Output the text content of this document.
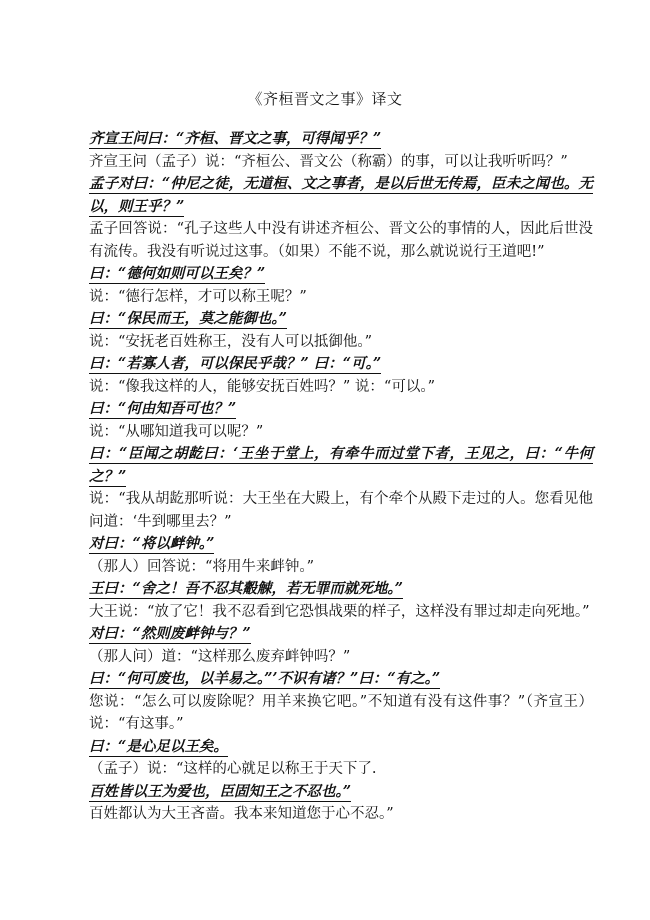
《齐桓晋文之事》译文

齐宣王问曰：“齐桓、晋文之事，可得闻乎？”

齐宣王问（孟子）说：“齐桓公、晋文公（称霸）的事，可以让我听听吗？”

孟子对曰：“仲尼之徒，无道桓、文之事者，是以后世无传焉，臣未之闻也。无以，则王乎？”

孟子回答说：“孔子这些人中没有讲述齐桓公、晋文公的事情的人，因此后世没有流传。我没有听说过这事。（如果）不能不说，那么就说说行王道吧!”

曰：“德何如则可以王矣？”

说：“德行怎样，才可以称王呢？”

曰：“保民而王，莫之能御也。”

说：“安抚老百姓称王，没有人可以抵御他。”

曰：“若寡人者，可以保民乎哉？” 曰：“可。”

说：“像我这样的人，能够安抚百姓吗？” 说：“可以。”

曰：“何由知吾可也？”

说：“从哪知道我可以呢？”

曰：“臣闻之胡龁曰：‘王坐于堂上，有牵牛而过堂下者，王见之，曰：“牛何之？”

说：“我从胡龁那听说：大王坐在大殿上，有个牵个从殿下走过的人。您看见他问道：‘牛到哪里去？”

对曰：“将以衅钟。”

（那人）回答说：“将用牛来衅钟。”

王曰：“舍之！吾不忍其觳觫，若无罪而就死地。”

大王说：“放了它！我不忍看到它恐惧战栗的样子，这样没有罪过却走向死地。”

对曰：“然则废衅钟与？”

（那人问）道：“这样那么废弃衅钟吗？”

曰：“何可废也，以羊易之。”’不识有诸？”曰：“有之。”

您说：“怎么可以废除呢？用羊来换它吧。”不知道有没有这件事？”（齐宣王）说：“有这事。”

曰：“是心足以王矣。

（孟子）说：“这样的心就足以称王于天下了.

百姓皆以王为爱也，臣固知王之不忍也。”

百姓都认为大王吝啬。我本来知道您于心不忍。”
